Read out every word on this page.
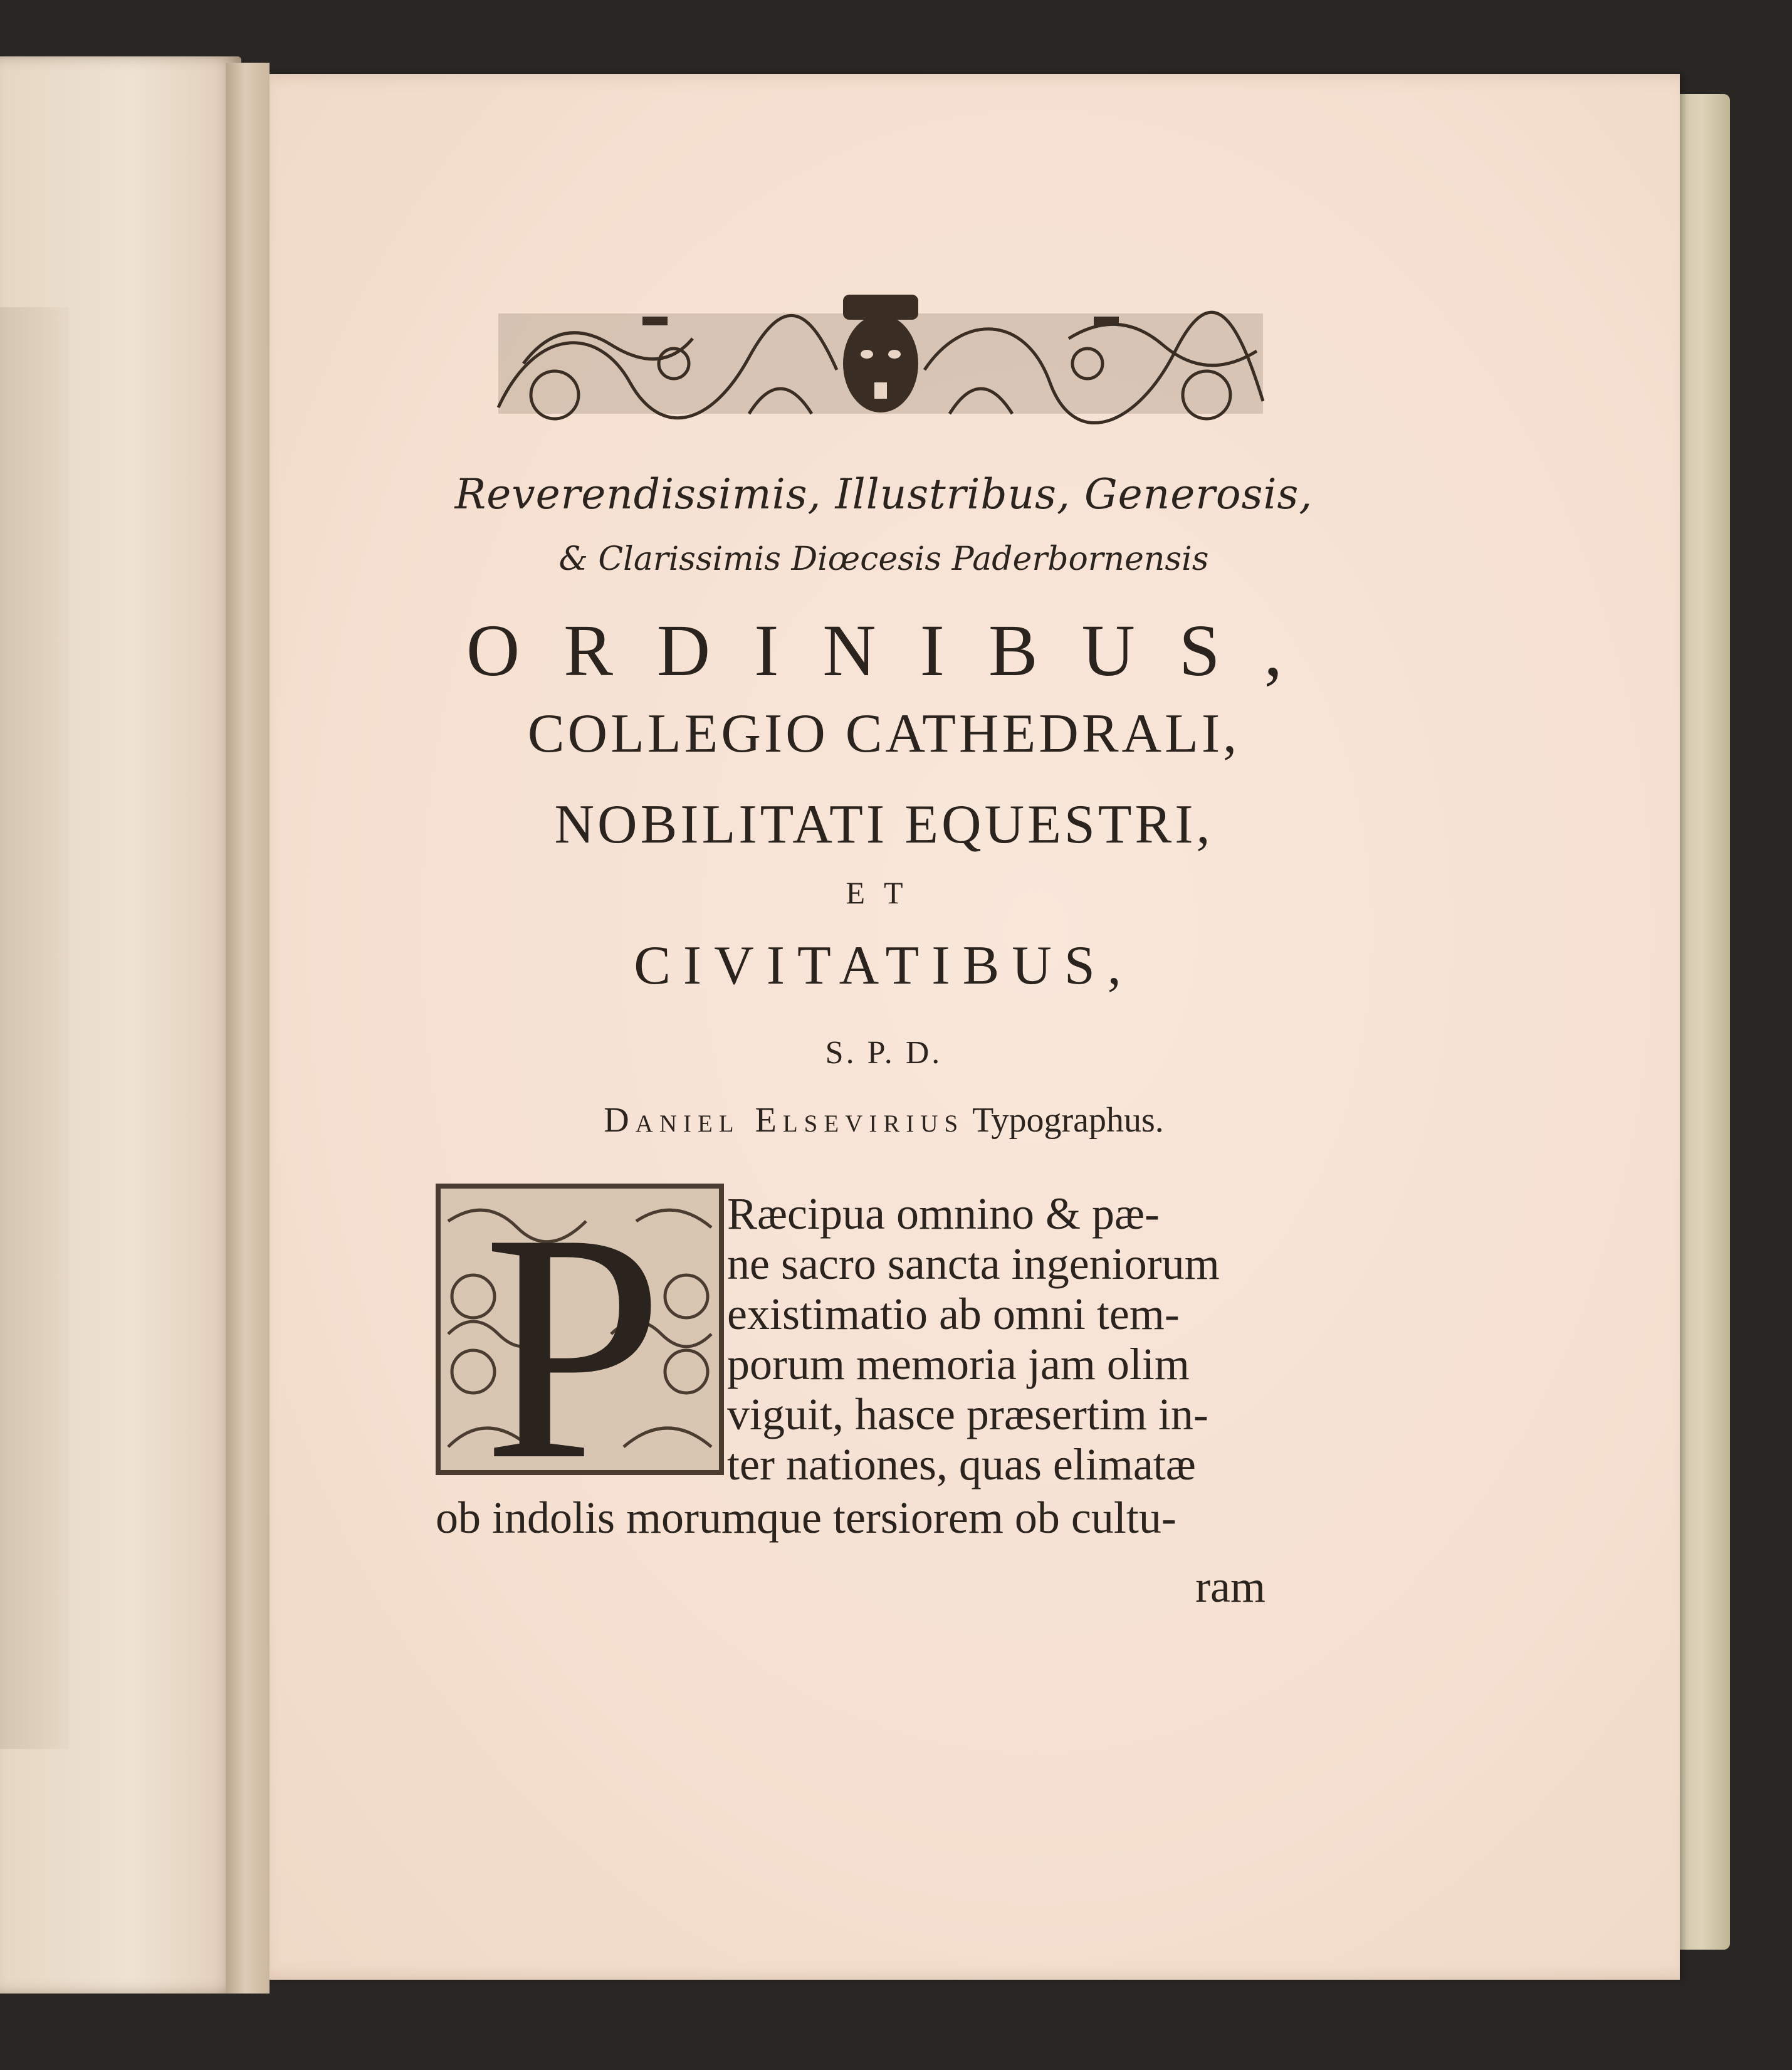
Reverendissimis, Illustribus, Generosis,
& Clarissimis Diœcesis Paderbornensis
ORDINIBUS,
COLLEGIO CATHEDRALI,
NOBILITATI EQUESTRI,
ET
CIVITATIBUS,
S. P. D.
Daniel Elsevirius Typographus.
P Ræcipua omnino & pæ-
ne sacro sancta ingeniorum
existimatio ab omni tem-
porum memoria jam olim
viguit, hasce præsertim in-
ter nationes, quas elimatæ
ob indolis morumque tersiorem ob cultu-
ram
